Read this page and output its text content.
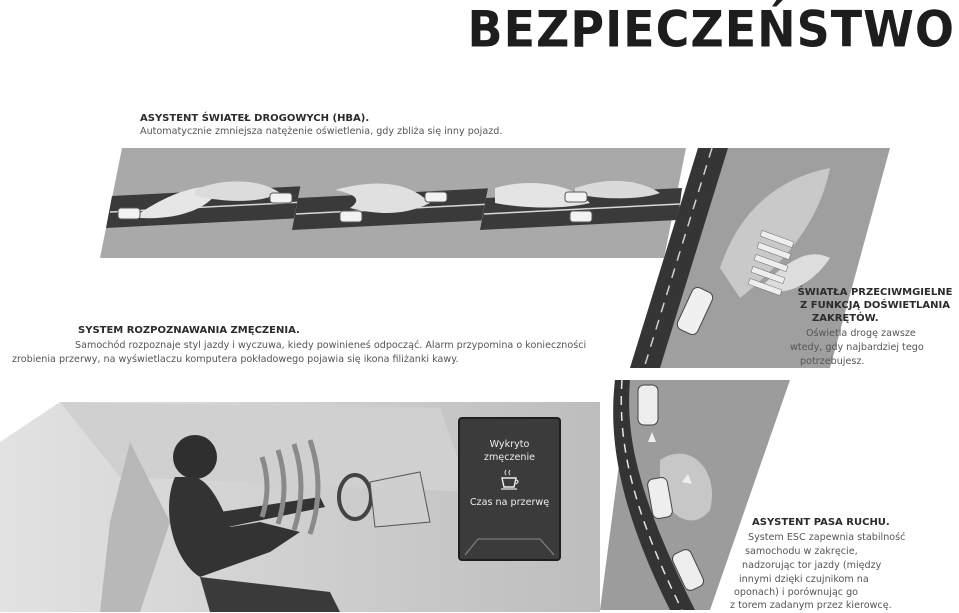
BEZPIECZEŃSTWO
ASYSTENT ŚWIATEŁ DROGOWYCH (HBA).
Automatycznie zmniejsza natężenie oświetlenia, gdy zbliża się inny pojazd.
SYSTEM ROZPOZNAWANIA ZMĘCZENIA.
Samochód rozpoznaje styl jazdy i wyczuwa, kiedy powinieneś odpocząć. Alarm przypomina o konieczności
zrobienia przerwy, na wyświetlaczu komputera pokładowego pojawia się ikona filiżanki kawy.
ŚWIATŁA PRZECIWMGIELNE
Z FUNKCJĄ DOŚWIETLANIA
ZAKRĘTÓW.
Oświetla drogę zawsze
wtedy, gdy najbardziej tego
potrzebujesz.
Wykryto
zmęczenie
Czas na przerwę
ASYSTENT PASA RUCHU.
System ESC zapewnia stabilność
samochodu w zakręcie,
nadzorując tor jazdy (między
innymi dzięki czujnikom na
oponach) i porównując go
z torem zadanym przez kierowcę.
